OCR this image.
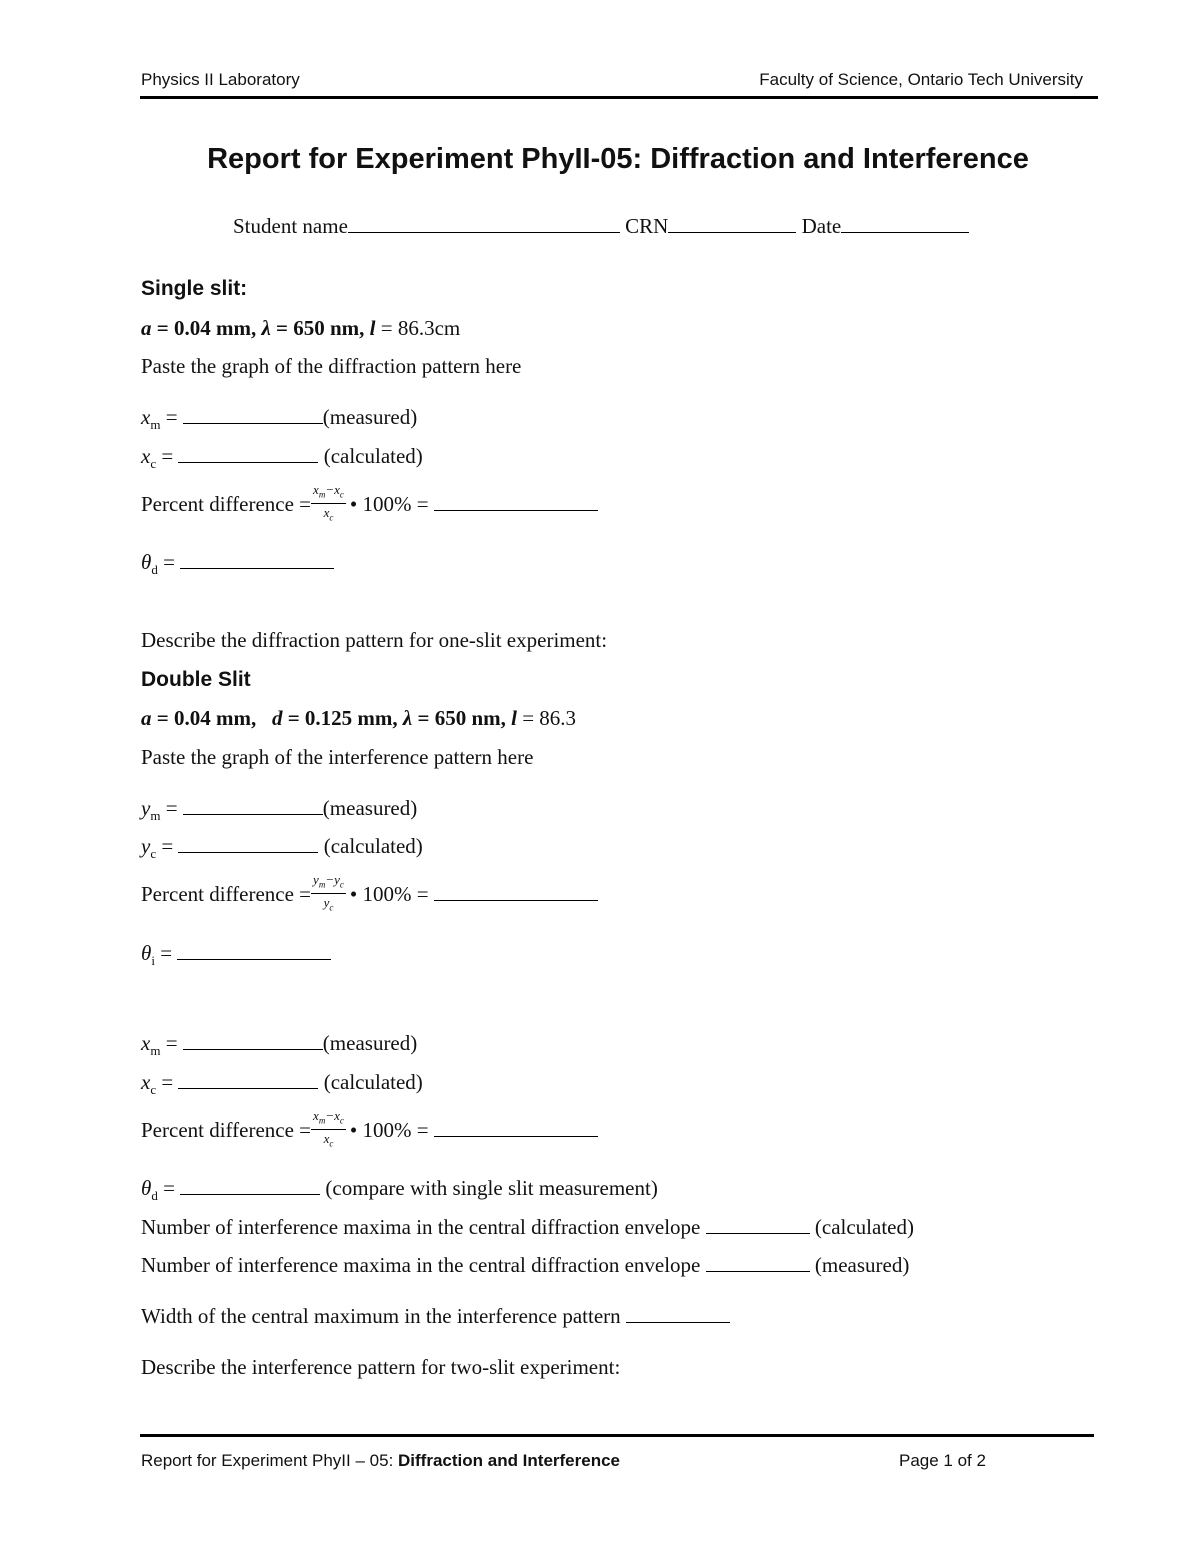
Physics II Laboratory	Faculty of Science, Ontario Tech University
Report for Experiment PhyII-05: Diffraction and Interference
Student name	CRN	Date
Single slit:
a = 0.04 mm, λ = 650 nm, l = 86.3cm
Paste the graph of the diffraction pattern here
$x_m$ =	(measured)
$x_c$ =	(calculated)
Percent difference = $\frac{x_m-x_c}{x_c}$ • 100% =
$\theta_d$ =
Describe the diffraction pattern for one-slit experiment:
Double Slit
a = 0.04 mm,   d = 0.125 mm, λ = 650 nm, l = 86.3
Paste the graph of the interference pattern here
$y_m$ =	(measured)
$y_c$ =	(calculated)
Percent difference = $\frac{y_m-y_c}{y_c}$ • 100% =
$\theta_i$ =
$x_m$ =	(measured)
$x_c$ =	(calculated)
Percent difference = $\frac{x_m-x_c}{x_c}$ • 100% =
$\theta_d$ =	(compare with single slit measurement)
Number of interference maxima in the central diffraction envelope	(calculated)
Number of interference maxima in the central diffraction envelope	(measured)
Width of the central maximum in the interference pattern
Describe the interference pattern for two-slit experiment:
Report for Experiment PhyII – 05: Diffraction and Interference	Page 1 of 2
